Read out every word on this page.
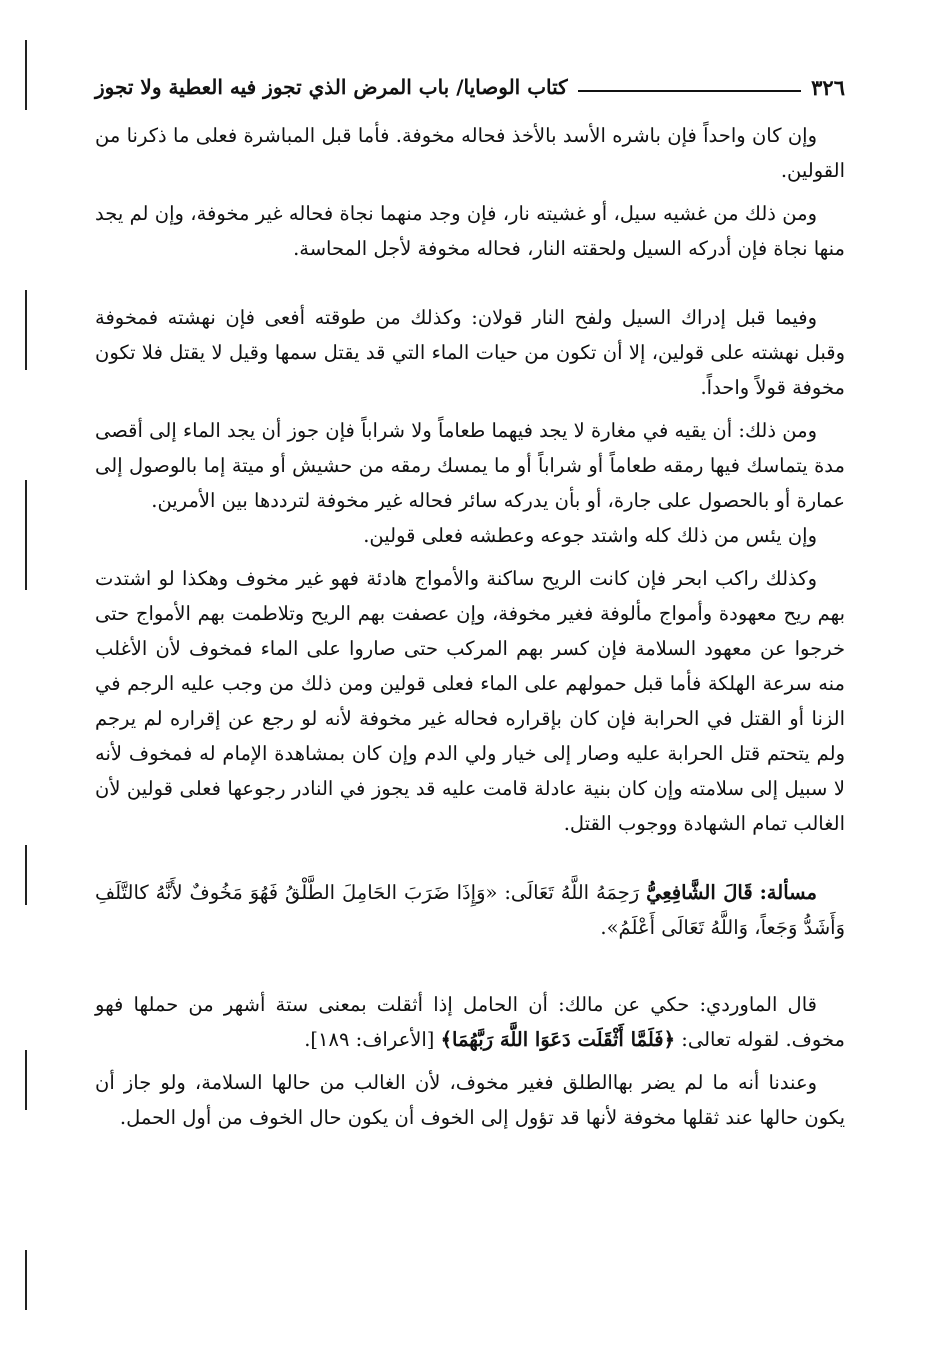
٣٢٦
كتاب الوصايا/ باب المرض الذي تجوز فيه العطية ولا تجوز

وإن كان واحداً فإن باشره الأسد بالأخذ فحاله مخوفة. فأما قبل المباشرة فعلى ما ذكرنا من القولين.

ومن ذلك من غشيه سيل، أو غشيته نار، فإن وجد منهما نجاة فحاله غير مخوفة، وإن لم يجد منها نجاة فإن أدركه السيل ولحقته النار، فحاله مخوفة لأجل المحاسة.

وفيما قبل إدراك السيل ولفح النار قولان: وكذلك من طوقته أفعى فإن نهشته فمخوفة وقبل نهشته على قولين، إلا أن تكون من حيات الماء التي قد يقتل سمها وقيل لا يقتل فلا تكون مخوفة قولاً واحداً.

ومن ذلك: أن يقيه في مغارة لا يجد فيهما طعاماً ولا شراباً فإن جوز أن يجد الماء إلى أقصى مدة يتماسك فيها رمقه طعاماً أو شراباً أو ما يمسك رمقه من حشيش أو ميتة إما بالوصول إلى عمارة أو بالحصول على جارة، أو بأن يدركه سائر فحاله غير مخوفة لترددها بين الأمرين.

وإن يئس من ذلك كله واشتد جوعه وعطشه فعلى قولين.

وكذلك راكب ابحر فإن كانت الريح ساكنة والأمواج هادئة فهو غير مخوف وهكذا لو اشتدت بهم ريح معهودة وأمواج مألوفة فغير مخوفة، وإن عصفت بهم الريح وتلاطمت بهم الأمواج حتى خرجوا عن معهود السلامة فإن كسر بهم المركب حتى صاروا على الماء فمخوف لأن الأغلب منه سرعة الهلكة فأما قبل حمولهم على الماء فعلى قولين ومن ذلك من وجب عليه الرجم في الزنا أو القتل في الحرابة فإن كان بإقراره فحاله غير مخوفة لأنه لو رجع عن إقراره لم يرجم ولم يتحتم قتل الحرابة عليه وصار إلى خيار ولي الدم وإن كان بمشاهدة الإمام له فمخوف لأنه لا سبيل إلى سلامته وإن كان بنية عادلة قامت عليه قد يجوز في النادر رجوعها فعلى قولين لأن الغالب تمام الشهادة ووجوب القتل.

مسألة: قَالَ الشَّافِعِيُّ رَحِمَهُ اللَّهُ تَعَالَى: «وَإِذَا ضَرَبَ الحَامِلَ الطَّلْقُ فَهُوَ مَخُوفٌ لأَنَّهُ كالتَّلَفِ وَأَشَدُّ وَجَعاً، وَاللَّهُ تَعَالَى أَعْلَمُ».

قال الماوردي: حكي عن مالك: أن الحامل إذا أثقلت بمعنى ستة أشهر من حملها فهو مخوف. لقوله تعالى: ﴿فَلَمَّا أَثْقَلَت دَعَوَا اللَّهَ رَبَّهُمَا﴾ [الأعراف: ١٨٩].

وعندنا أنه ما لم يضر بهاالطلق فغير مخوف، لأن الغالب من حالها السلامة، ولو جاز أن يكون حالها عند ثقلها مخوفة لأنها قد تؤول إلى الخوف أن يكون حال الخوف من أول الحمل.
